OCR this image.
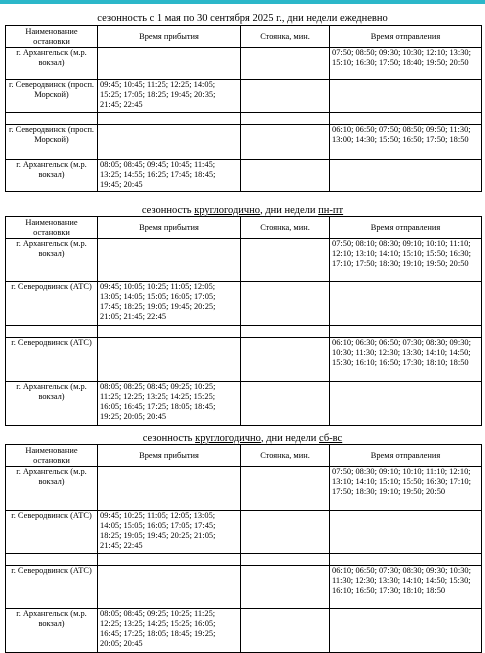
сезонность с 1 мая по 30 сентября 2025 г., дни недели ежедневно
Наименование остановки	Время прибытия	Стоянка, мин.	Время отправления
г. Архангельск (м.р. вокзал)			07:50; 08:50; 09:30; 10:30; 12:10; 13:30; 15:10; 16:30; 17:50; 18:40; 19:50; 20:50
г. Северодвинск (просп. Морской)	09:45; 10:45; 11:25; 12:25; 14:05; 15:25; 17:05; 18:25; 19:45; 20:35; 21:45; 22:45		

г. Северодвинск (просп. Морской)			06:10; 06:50; 07:50; 08:50; 09:50; 11:30; 13:00; 14:30; 15:50; 16:50; 17:50; 18:50
г. Архангельск (м.р. вокзал)	08:05; 08:45; 09:45; 10:45; 11:45; 13:25; 14:55; 16:25; 17:45; 18:45; 19:45; 20:45		
сезонность круглогодично, дни недели пн-пт
Наименование остановки	Время прибытия	Стоянка, мин.	Время отправления
г. Архангельск (м.р. вокзал)			07:50; 08:10; 08:30; 09:10; 10:10; 11:10; 12:10; 13:10; 14:10; 15:10; 15:50; 16:30; 17:10; 17:50; 18:30; 19:10; 19:50; 20:50
г. Северодвинск (АТС)	09:45; 10:05; 10:25; 11:05; 12:05; 13:05; 14:05; 15:05; 16:05; 17:05; 17:45; 18:25; 19:05; 19:45; 20:25; 21:05; 21:45; 22:45		

г. Северодвинск (АТС)			06:10; 06:30; 06:50; 07:30; 08:30; 09:30; 10:30; 11:30; 12:30; 13:30; 14:10; 14:50; 15:30; 16:10; 16:50; 17:30; 18:10; 18:50
г. Архангельск (м.р. вокзал)	08:05; 08:25; 08:45; 09:25; 10:25; 11:25; 12:25; 13:25; 14:25; 15:25; 16:05; 16:45; 17:25; 18:05; 18:45; 19:25; 20:05; 20:45		
сезонность круглогодично, дни недели сб-вс
Наименование остановки	Время прибытия	Стоянка, мин.	Время отправления
г. Архангельск (м.р. вокзал)			07:50; 08:30; 09:10; 10:10; 11:10; 12:10; 13:10; 14:10; 15:10; 15:50; 16:30; 17:10; 17:50; 18:30; 19:10; 19:50; 20:50
г. Северодвинск (АТС)	09:45; 10:25; 11:05; 12:05; 13:05; 14:05; 15:05; 16:05; 17:05; 17:45; 18:25; 19:05; 19:45; 20:25; 21:05; 21:45; 22:45		

г. Северодвинск (АТС)			06:10; 06:50; 07:30; 08:30; 09:30; 10:30; 11:30; 12:30; 13:30; 14:10; 14:50; 15:30; 16:10; 16:50; 17:30; 18:10; 18:50
г. Архангельск (м.р. вокзал)	08:05; 08:45; 09:25; 10:25; 11:25; 12:25; 13:25; 14:25; 15:25; 16:05; 16:45; 17:25; 18:05; 18:45; 19:25; 20:05; 20:45		
